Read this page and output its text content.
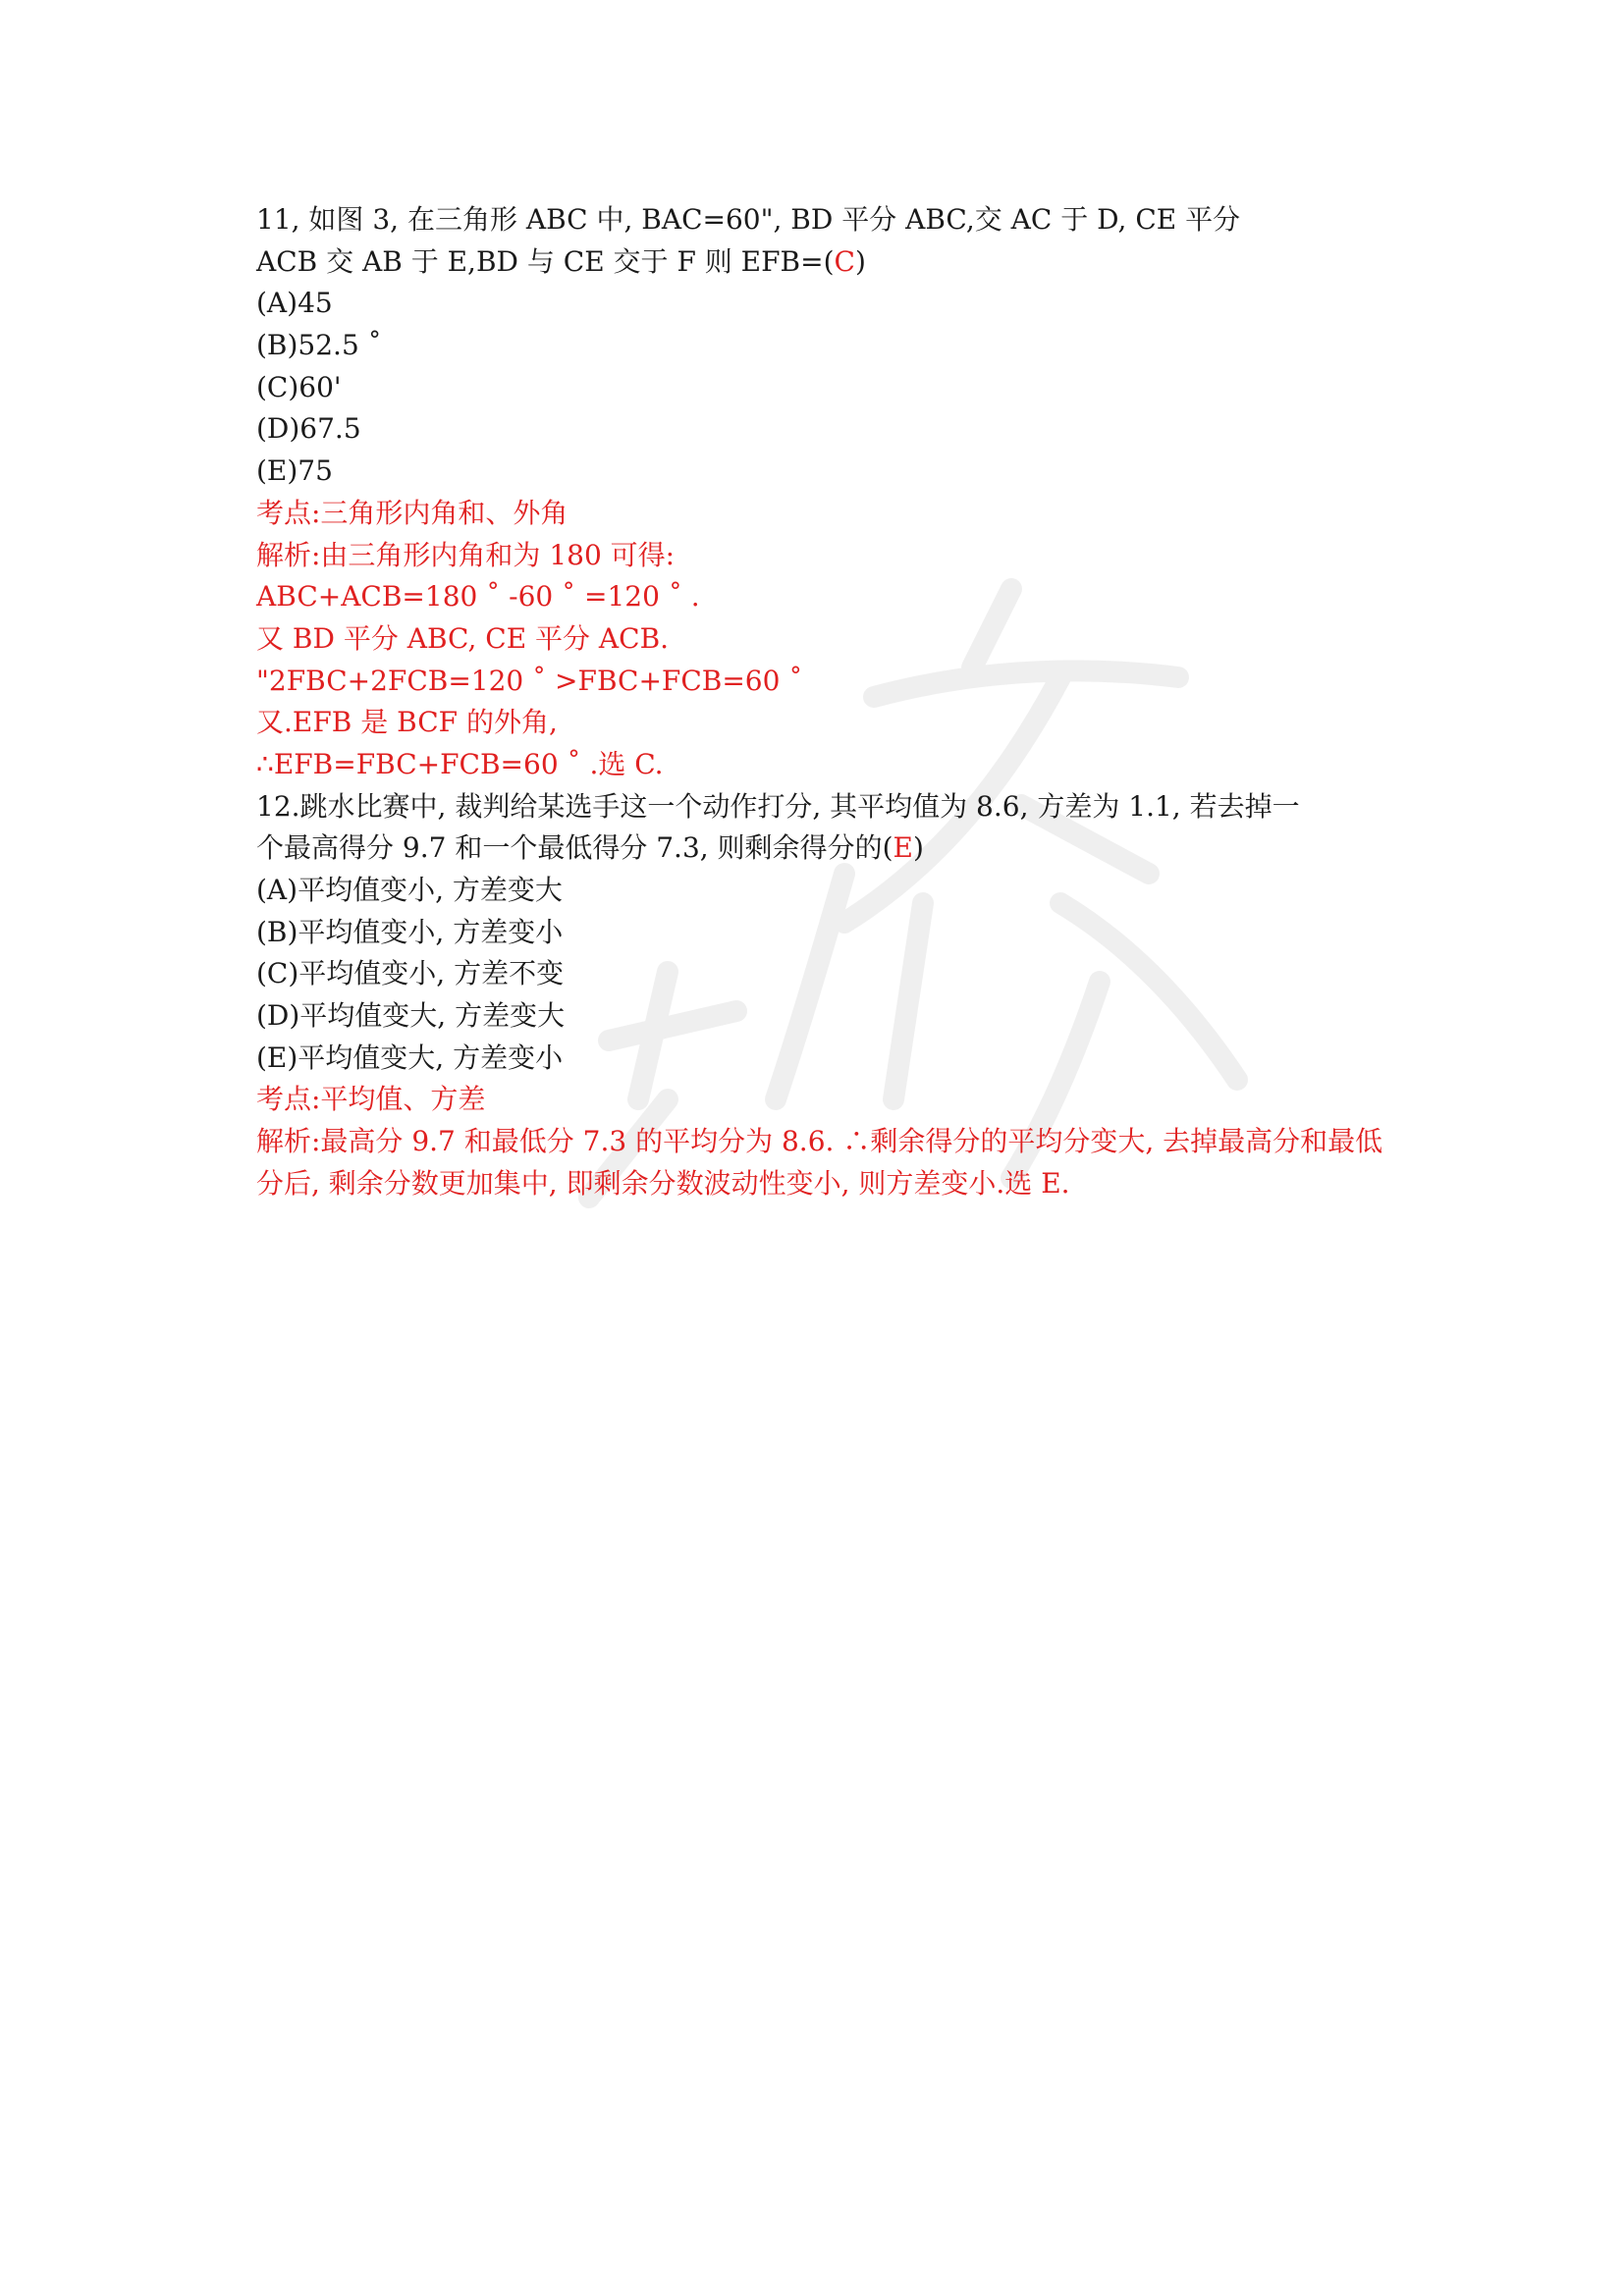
11, 如图 3, 在三角形 ABC 中, BAC=60", BD 平分 ABC,交 AC 于 D, CE 平分
ACB 交 AB 于 E,BD 与 CE 交于 F 则 EFB=(C)
(A)45
(B)52.5 ˚
(C)60'
(D)67.5
(E)75
考点:三角形内角和、外角
解析:由三角形内角和为 180 可得:
ABC+ACB=180 ˚ -60 ˚ =120 ˚ .
又 BD 平分 ABC, CE 平分 ACB.
"2FBC+2FCB=120 ˚ >FBC+FCB=60 ˚
又.EFB 是 BCF 的外角,
∴EFB=FBC+FCB=60 ˚ .选 C.
12.跳水比赛中, 裁判给某选手这一个动作打分, 其平均值为 8.6, 方差为 1.1, 若去掉一
个最高得分 9.7 和一个最低得分 7.3, 则剩余得分的(E)
(A)平均值变小, 方差变大
(B)平均值变小, 方差变小
(C)平均值变小, 方差不变
(D)平均值变大, 方差变大
(E)平均值变大, 方差变小
考点:平均值、方差
解析:最高分 9.7 和最低分 7.3 的平均分为 8.6. ∴剩余得分的平均分变大, 去掉最高分和最低
分后, 剩余分数更加集中, 即剩余分数波动性变小, 则方差变小.选 E.
